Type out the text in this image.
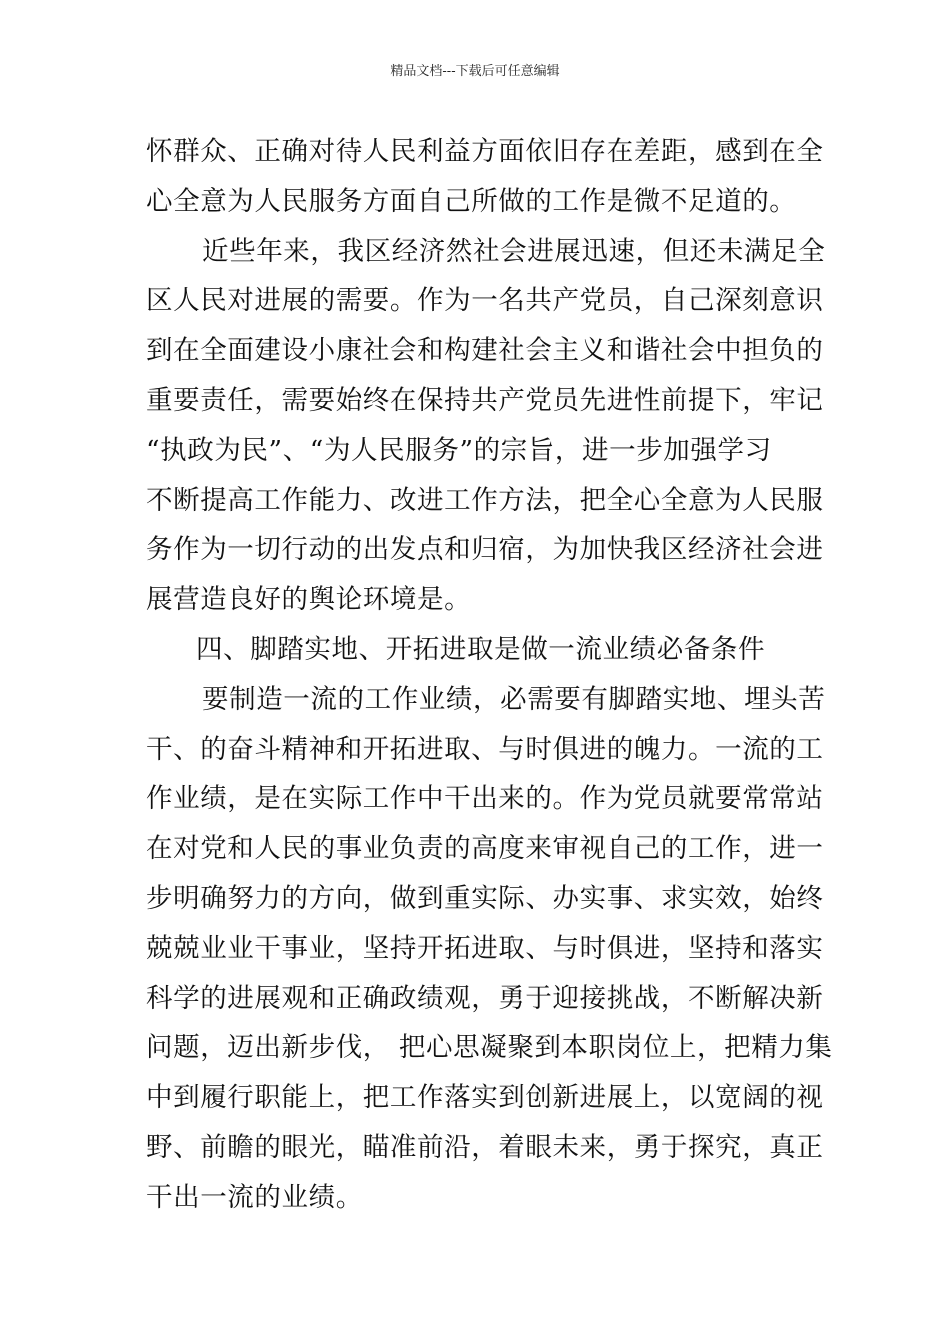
精品文档---下载后可任意编辑
怀群众、正确对待人民利益方面依旧存在差距，感到在全
心全意为人民服务方面自己所做的工作是微不足道的。
近些年来，我区经济然社会进展迅速，但还未满足全
区人民对进展的需要。作为一名共产党员，自己深刻意识
到在全面建设小康社会和构建社会主义和谐社会中担负的
重要责任，需要始终在保持共产党员先进性前提下，牢记
“执政为民”、“为人民服务”的宗旨，进一步加强学习
不断提高工作能力、改进工作方法，把全心全意为人民服
务作为一切行动的出发点和归宿，为加快我区经济社会进
展营造良好的舆论环境是。
四、脚踏实地、开拓进取是做一流业绩必备条件
要制造一流的工作业绩，必需要有脚踏实地、埋头苦
干、的奋斗精神和开拓进取、与时俱进的魄力。一流的工
作业绩，是在实际工作中干出来的。作为党员就要常常站
在对党和人民的事业负责的高度来审视自己的工作，进一
步明确努力的方向，做到重实际、办实事、求实效，始终
兢兢业业干事业，坚持开拓进取、与时俱进，坚持和落实
科学的进展观和正确政绩观，勇于迎接挑战，不断解决新
问题，迈出新步伐， 把心思凝聚到本职岗位上，把精力集
中到履行职能上，把工作落实到创新进展上，以宽阔的视
野、前瞻的眼光，瞄准前沿，着眼未来，勇于探究，真正
干出一流的业绩。
